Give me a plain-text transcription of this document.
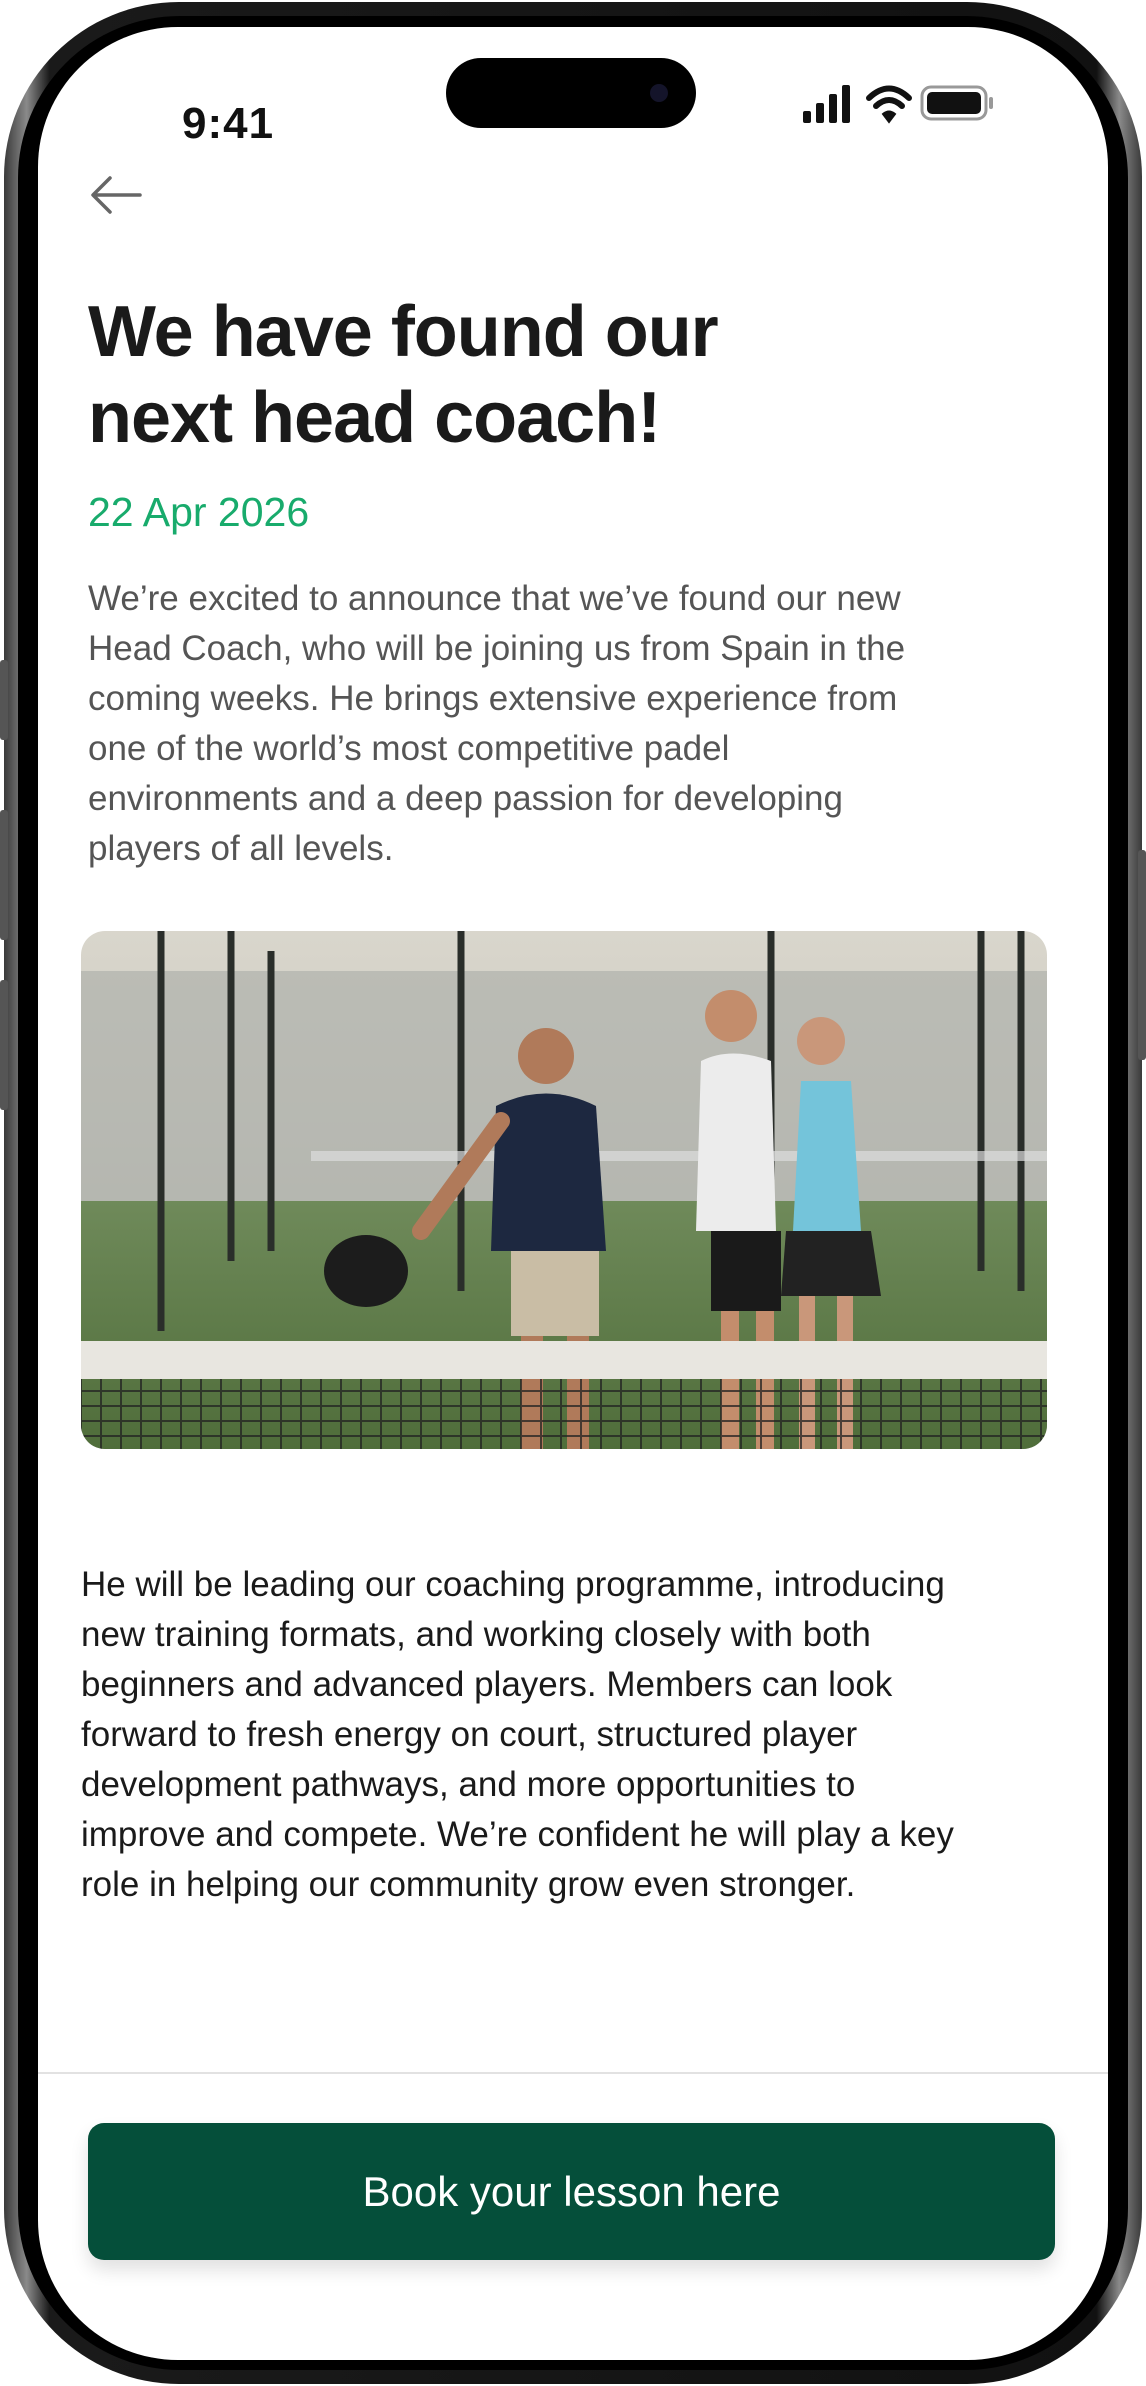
9:41
We have found our
next head coach!
22 Apr 2026
We’re excited to announce that we’ve found our new
Head Coach, who will be joining us from Spain in the
coming weeks. He brings extensive experience from
one of the world’s most competitive padel
environments and a deep passion for developing
players of all levels.
He will be leading our coaching programme, introducing
new training formats, and working closely with both
beginners and advanced players. Members can look
forward to fresh energy on court, structured player
development pathways, and more opportunities to
improve and compete. We’re confident he will play a key
role in helping our community grow even stronger.
Book your lesson here
